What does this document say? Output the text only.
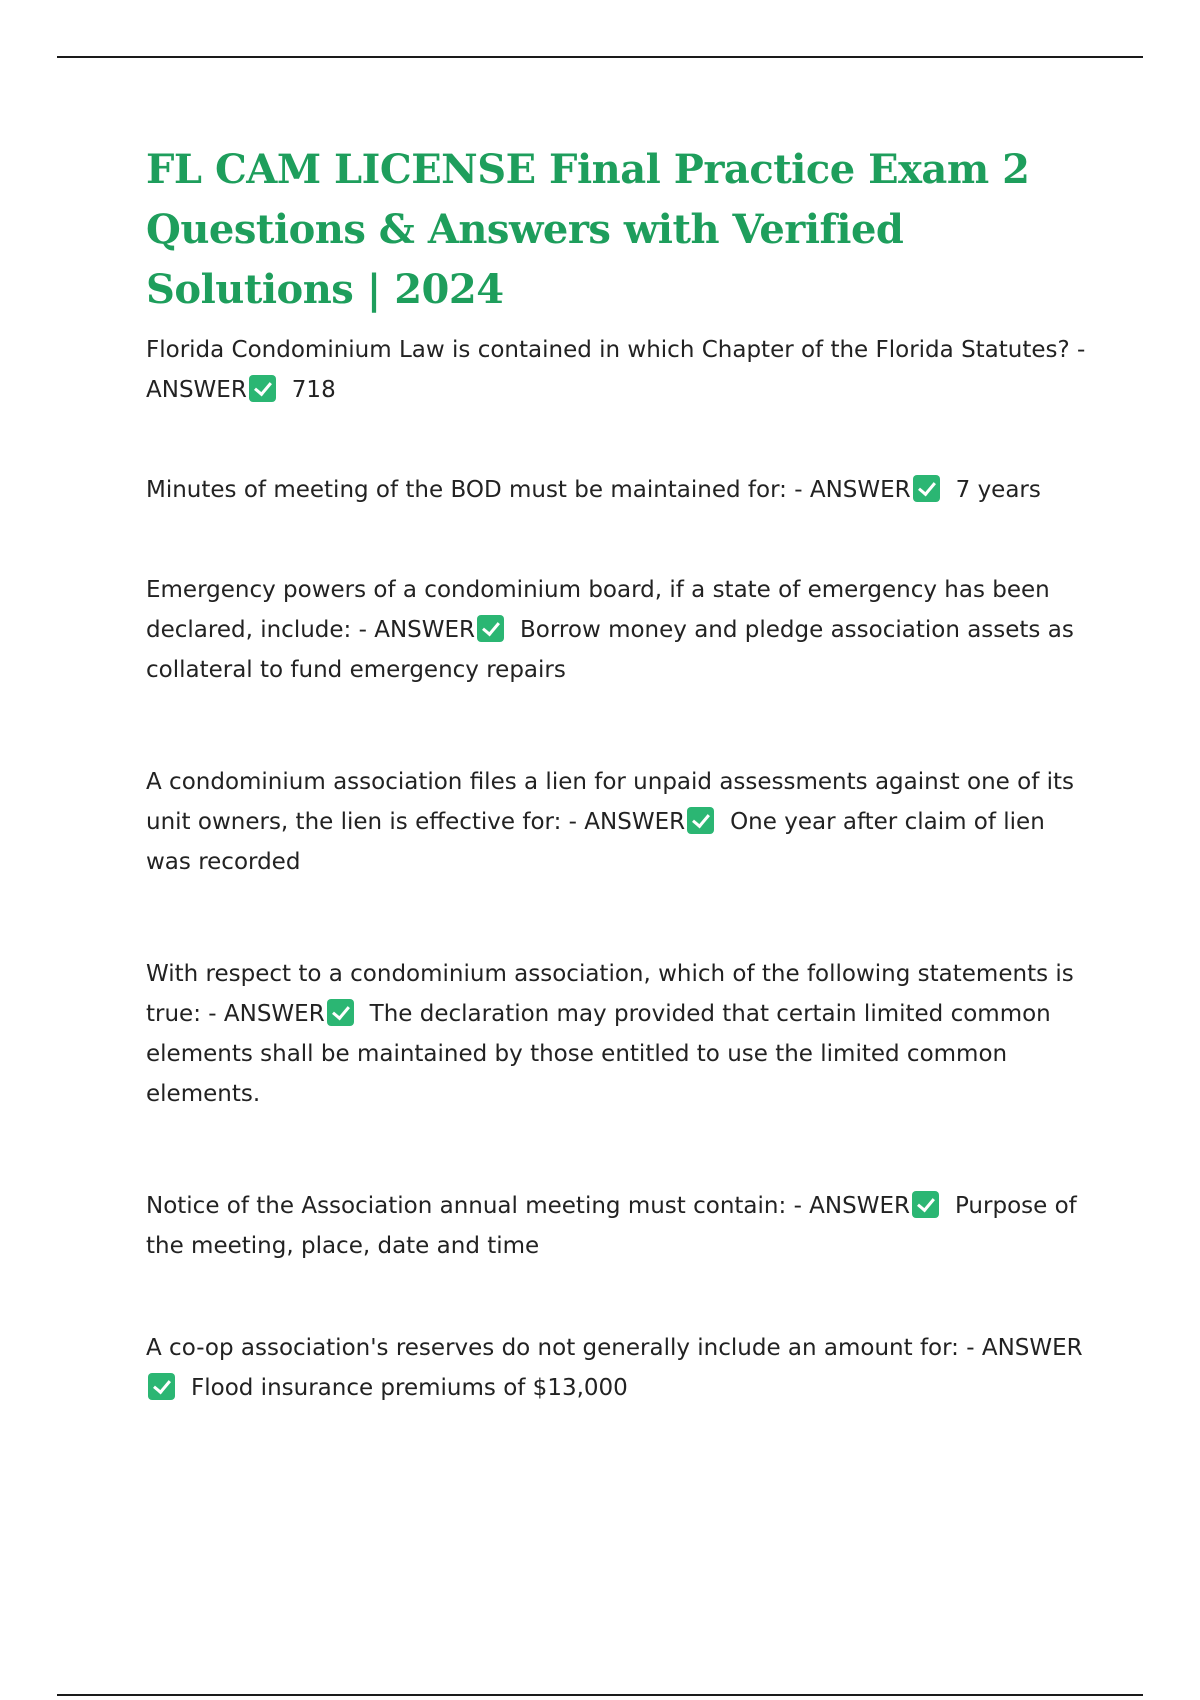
FL CAM LICENSE Final Practice Exam 2 Questions & Answers with Verified Solutions | 2024

Florida Condominium Law is contained in which Chapter of the Florida Statutes? - ANSWER 718

Minutes of meeting of the BOD must be maintained for: - ANSWER 7 years

Emergency powers of a condominium board, if a state of emergency has been declared, include: - ANSWER Borrow money and pledge association assets as collateral to fund emergency repairs

A condominium association files a lien for unpaid assessments against one of its unit owners, the lien is effective for: - ANSWER One year after claim of lien was recorded

With respect to a condominium association, which of the following statements is true: - ANSWER The declaration may provided that certain limited common elements shall be maintained by those entitled to use the limited common elements.

Notice of the Association annual meeting must contain: - ANSWER Purpose of the meeting, place, date and time

A co-op association's reserves do not generally include an amount for: - ANSWERFlood insurance premiums of $13,000
